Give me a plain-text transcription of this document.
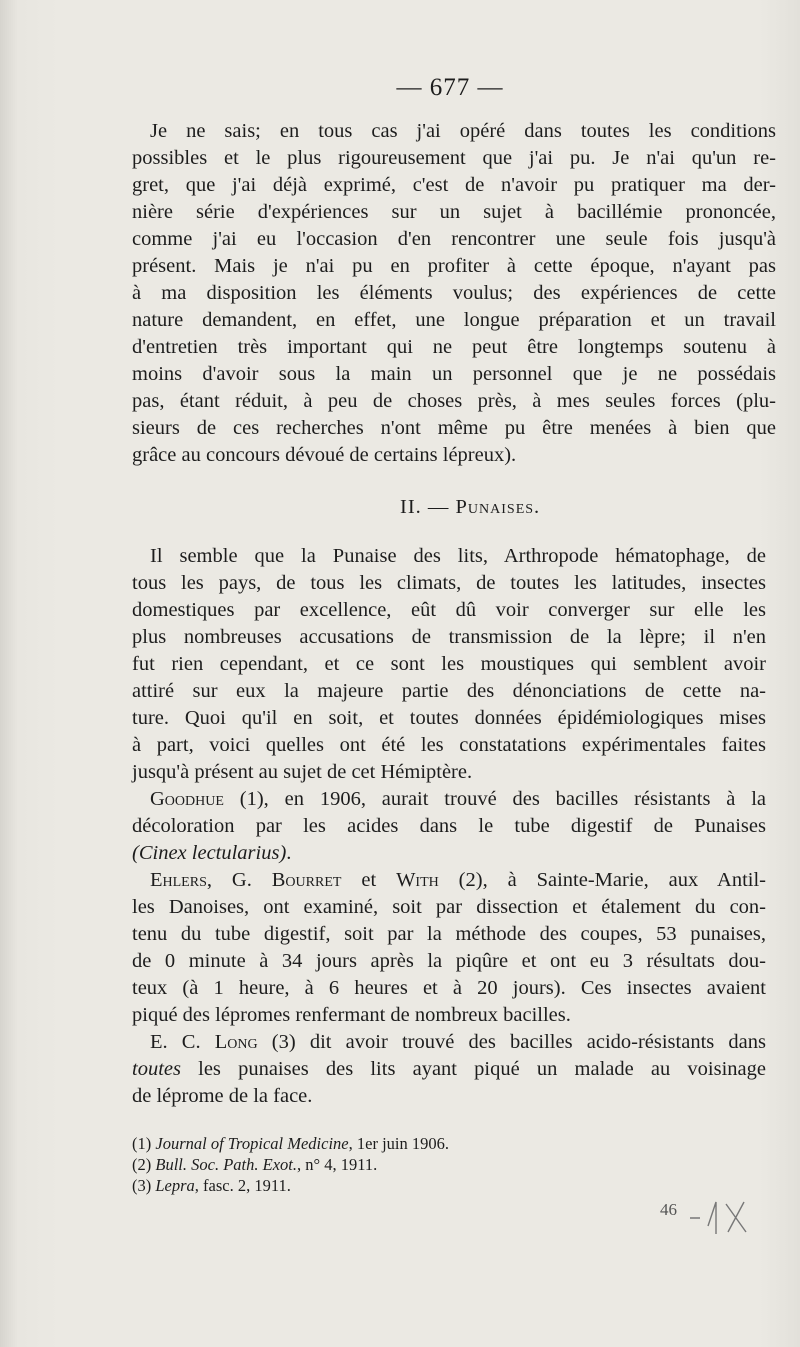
— 677 —
Je ne sais; en tous cas j'ai opéré dans toutes les conditions
possibles et le plus rigoureusement que j'ai pu. Je n'ai qu'un re-
gret, que j'ai déjà exprimé, c'est de n'avoir pu pratiquer ma der-
nière série d'expériences sur un sujet à bacillémie prononcée,
comme j'ai eu l'occasion d'en rencontrer une seule fois jusqu'à
présent. Mais je n'ai pu en profiter à cette époque, n'ayant pas
à ma disposition les éléments voulus; des expériences de cette
nature demandent, en effet, une longue préparation et un travail
d'entretien très important qui ne peut être longtemps soutenu à
moins d'avoir sous la main un personnel que je ne possédais
pas, étant réduit, à peu de choses près, à mes seules forces (plu-
sieurs de ces recherches n'ont même pu être menées à bien que
grâce au concours dévoué de certains lépreux).
II. — Punaises.
Il semble que la Punaise des lits, Arthropode hématophage, de
tous les pays, de tous les climats, de toutes les latitudes, insectes
domestiques par excellence, eût dû voir converger sur elle les
plus nombreuses accusations de transmission de la lèpre; il n'en
fut rien cependant, et ce sont les moustiques qui semblent avoir
attiré sur eux la majeure partie des dénonciations de cette na-
ture. Quoi qu'il en soit, et toutes données épidémiologiques mises
à part, voici quelles ont été les constatations expérimentales faites
jusqu'à présent au sujet de cet Hémiptère.
Goodhue (1), en 1906, aurait trouvé des bacilles résistants à la
décoloration par les acides dans le tube digestif de Punaises
(Cinex lectularius).
Ehlers, G. Bourret et With (2), à Sainte-Marie, aux Antil-
les Danoises, ont examiné, soit par dissection et étalement du con-
tenu du tube digestif, soit par la méthode des coupes, 53 punaises,
de 0 minute à 34 jours après la piqûre et ont eu 3 résultats dou-
teux (à 1 heure, à 6 heures et à 20 jours). Ces insectes avaient
piqué des lépromes renfermant de nombreux bacilles.
E. C. Long (3) dit avoir trouvé des bacilles acido-résistants dans
toutes les punaises des lits ayant piqué un malade au voisinage
de léprome de la face.
(1) Journal of Tropical Medicine, 1er juin 1906.
(2) Bull. Soc. Path. Exot., n° 4, 1911.
(3) Lepra, fasc. 2, 1911.
46
